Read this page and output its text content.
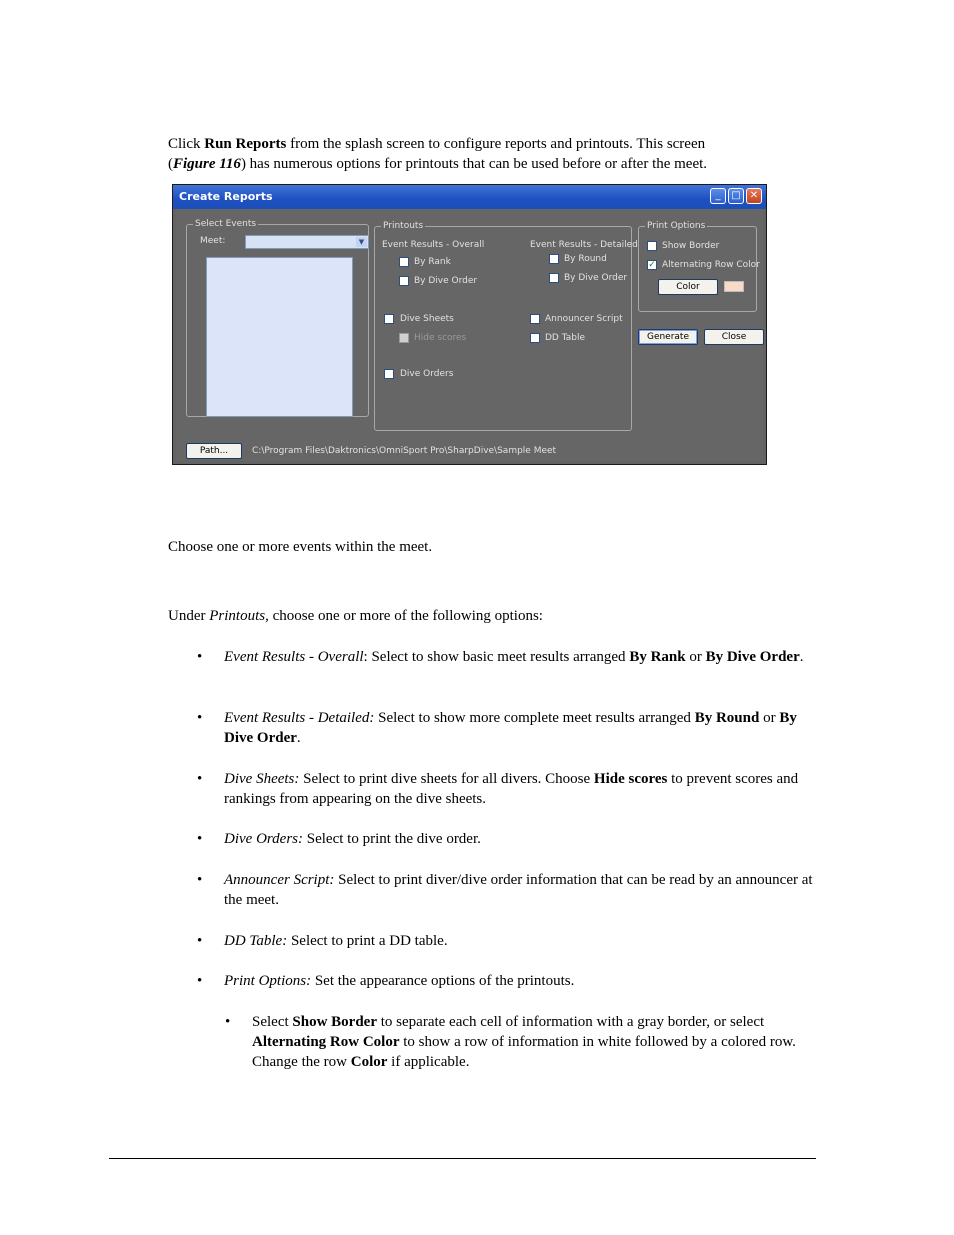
Click Run Reports from the splash screen to configure reports and printouts. This screen
(Figure 116) has numerous options for printouts that can be used before or after the meet.

Create Reports	_	□ ✕
Select Events
Meet:	▼
Printouts
Event Results - Overall
By Rank
By Dive Order
Event Results - Detailed
By Round
By Dive Order
Dive Sheets
Hide scores
Dive Orders
Announcer Script
DD Table
Print Options
Show Border
✓ Alternating Row Color
Color
Generate	Close
Path...	C:\Program Files\Daktronics\OmniSport Pro\SharpDive\Sample Meet

Choose one or more events within the meet.

Under Printouts, choose one or more of the following options:

• Event Results - Overall: Select to show basic meet results arranged By Rank or By Dive Order.
• Event Results - Detailed: Select to show more complete meet results arranged By Round or By Dive Order.
• Dive Sheets: Select to print dive sheets for all divers. Choose Hide scores to prevent scores and rankings from appearing on the dive sheets.
• Dive Orders: Select to print the dive order.
• Announcer Script: Select to print diver/dive order information that can be read by an announcer at the meet.
• DD Table: Select to print a DD table.
• Print Options: Set the appearance options of the printouts.
• Select Show Border to separate each cell of information with a gray border, or select Alternating Row Color to show a row of information in white followed by a colored row. Change the row Color if applicable.
